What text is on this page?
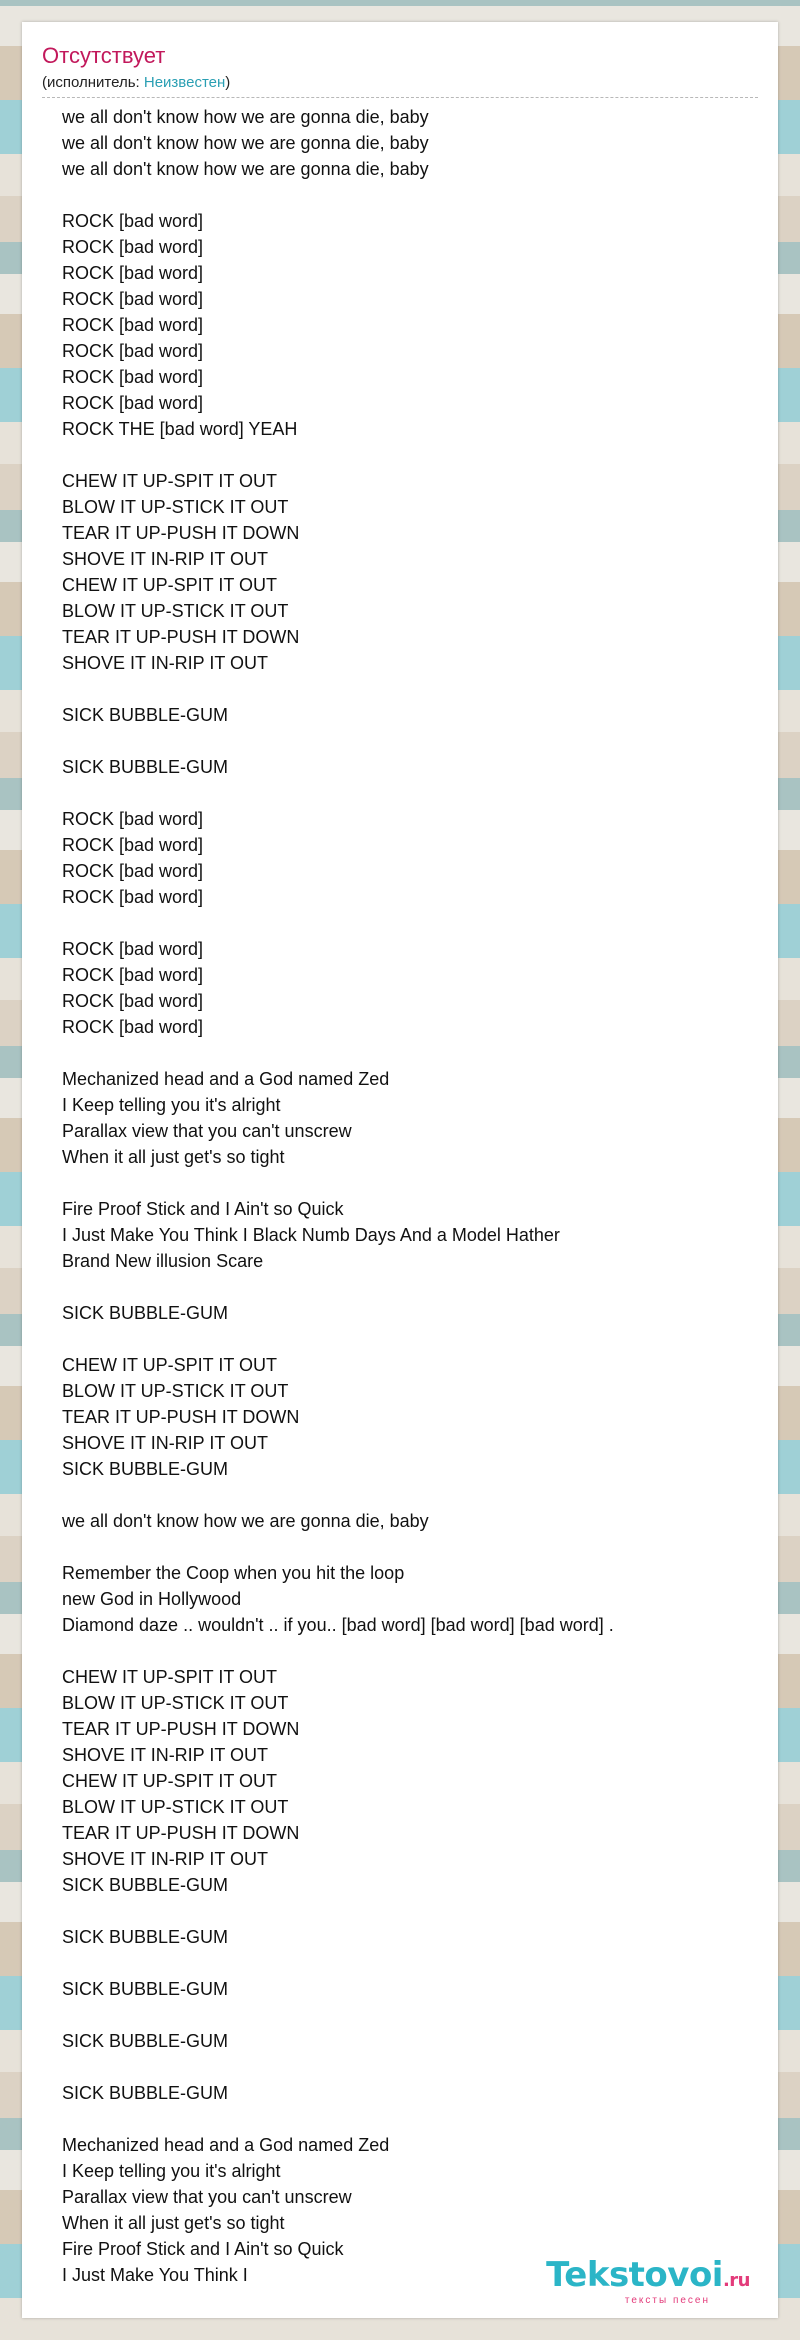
Отсутствует
(исполнитель: Неизвестен)
we all don't know how we are gonna die, baby
we all don't know how we are gonna die, baby
we all don't know how we are gonna die, baby
ROCK [bad word]
ROCK [bad word]
ROCK [bad word]
ROCK [bad word]
ROCK [bad word]
ROCK [bad word]
ROCK [bad word]
ROCK [bad word]
ROCK THE [bad word] YEAH
CHEW IT UP-SPIT IT OUT
BLOW IT UP-STICK IT OUT
TEAR IT UP-PUSH IT DOWN
SHOVE IT IN-RIP IT OUT
CHEW IT UP-SPIT IT OUT
BLOW IT UP-STICK IT OUT
TEAR IT UP-PUSH IT DOWN
SHOVE IT IN-RIP IT OUT
SICK BUBBLE-GUM
SICK BUBBLE-GUM
ROCK [bad word]
ROCK [bad word]
ROCK [bad word]
ROCK [bad word]
ROCK [bad word]
ROCK [bad word]
ROCK [bad word]
ROCK [bad word]
Mechanized head and a God named Zed
I Keep telling you it's alright
Parallax view that you can't unscrew
When it all just get's so tight
Fire Proof Stick and I Ain't so Quick
I Just Make You Think I Black Numb Days And a Model Hather
Brand New illusion Scare
SICK BUBBLE-GUM
CHEW IT UP-SPIT IT OUT
BLOW IT UP-STICK IT OUT
TEAR IT UP-PUSH IT DOWN
SHOVE IT IN-RIP IT OUT
SICK BUBBLE-GUM
we all don't know how we are gonna die, baby
Remember the Coop when you hit the loop
new God in Hollywood
Diamond daze .. wouldn't .. if you.. [bad word] [bad word] [bad word] .
CHEW IT UP-SPIT IT OUT
BLOW IT UP-STICK IT OUT
TEAR IT UP-PUSH IT DOWN
SHOVE IT IN-RIP IT OUT
CHEW IT UP-SPIT IT OUT
BLOW IT UP-STICK IT OUT
TEAR IT UP-PUSH IT DOWN
SHOVE IT IN-RIP IT OUT
SICK BUBBLE-GUM
SICK BUBBLE-GUM
SICK BUBBLE-GUM
SICK BUBBLE-GUM
SICK BUBBLE-GUM
Mechanized head and a God named Zed
I Keep telling you it's alright
Parallax view that you can't unscrew
When it all just get's so tight
Fire Proof Stick and I Ain't so Quick
I Just Make You Think I	Tekstovoi.ru
тексты песен
